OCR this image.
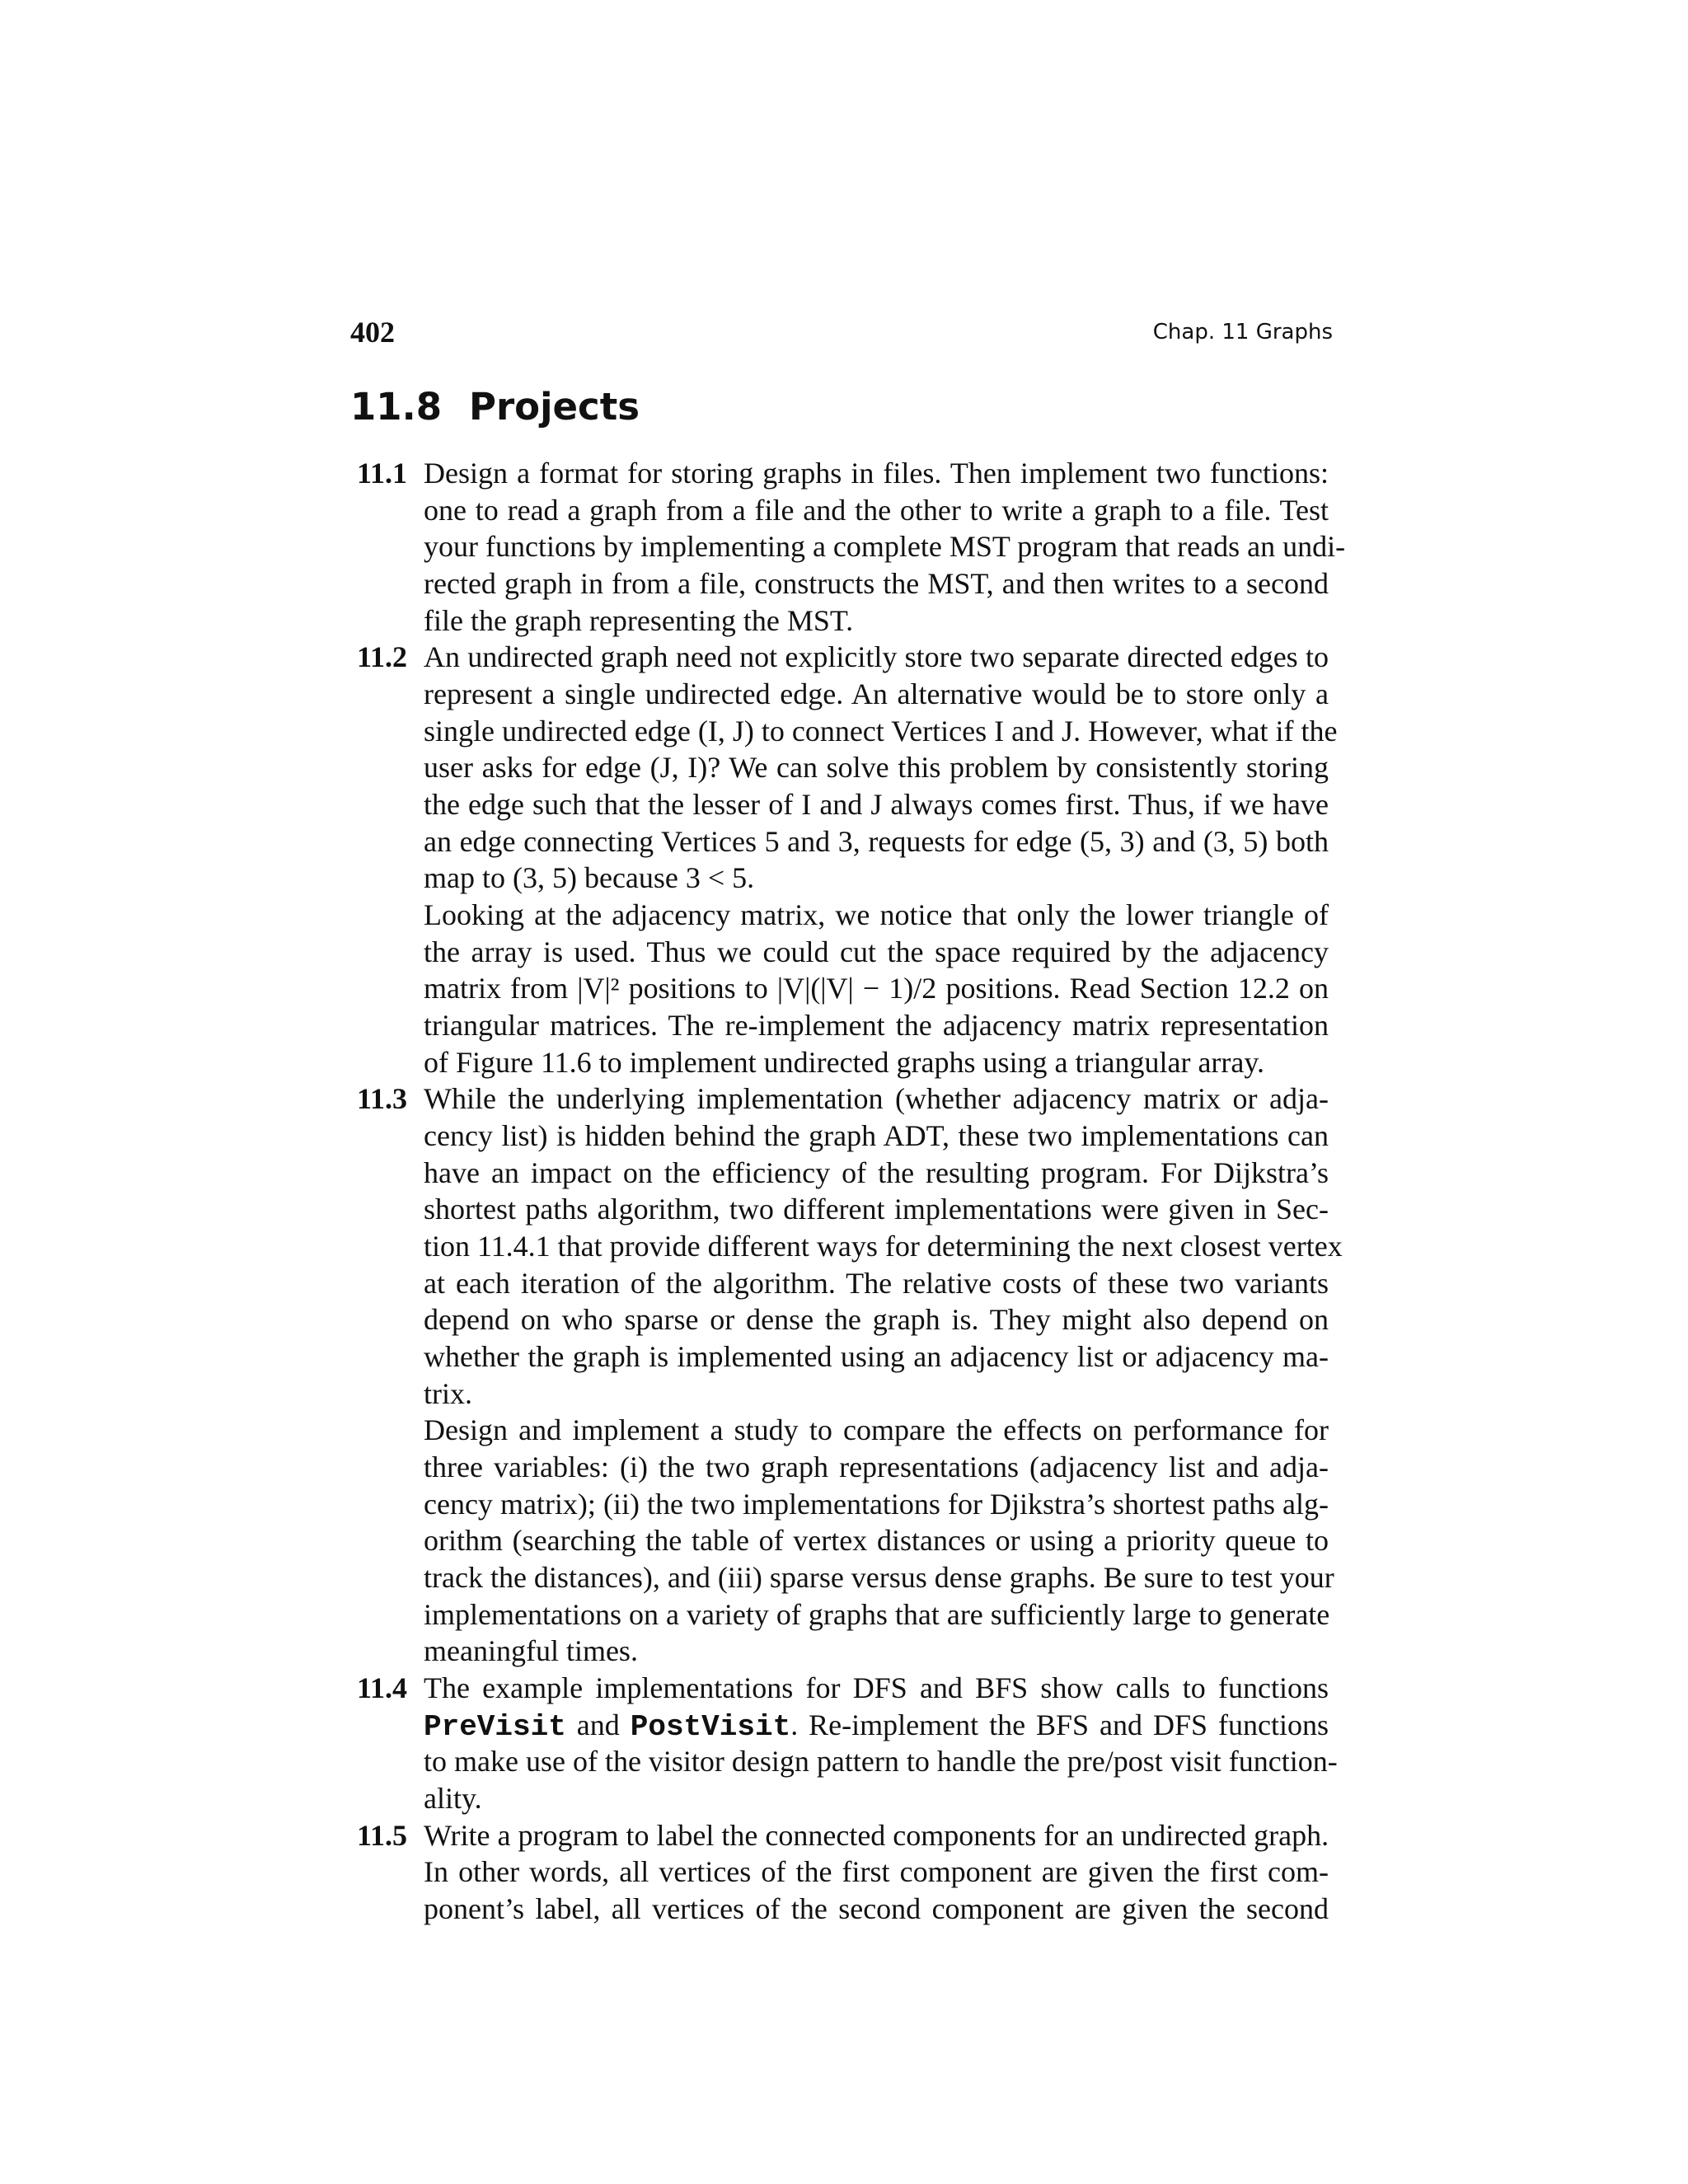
402	Chap. 11 Graphs
11.8 Projects
11.1 Design a format for storing graphs in files. Then implement two functions:
one to read a graph from a file and the other to write a graph to a file. Test
your functions by implementing a complete MST program that reads an undi-
rected graph in from a file, constructs the MST, and then writes to a second
file the graph representing the MST.
11.2 An undirected graph need not explicitly store two separate directed edges to
represent a single undirected edge. An alternative would be to store only a
single undirected edge (I, J) to connect Vertices I and J. However, what if the
user asks for edge (J, I)? We can solve this problem by consistently storing
the edge such that the lesser of I and J always comes first. Thus, if we have
an edge connecting Vertices 5 and 3, requests for edge (5, 3) and (3, 5) both
map to (3, 5) because 3 < 5.
Looking at the adjacency matrix, we notice that only the lower triangle of
the array is used. Thus we could cut the space required by the adjacency
matrix from |V|² positions to |V|(|V| − 1)/2 positions. Read Section 12.2 on
triangular matrices. The re-implement the adjacency matrix representation
of Figure 11.6 to implement undirected graphs using a triangular array.
11.3 While the underlying implementation (whether adjacency matrix or adja-
cency list) is hidden behind the graph ADT, these two implementations can
have an impact on the efficiency of the resulting program. For Dijkstra’s
shortest paths algorithm, two different implementations were given in Sec-
tion 11.4.1 that provide different ways for determining the next closest vertex
at each iteration of the algorithm. The relative costs of these two variants
depend on who sparse or dense the graph is. They might also depend on
whether the graph is implemented using an adjacency list or adjacency ma-
trix.
Design and implement a study to compare the effects on performance for
three variables: (i) the two graph representations (adjacency list and adja-
cency matrix); (ii) the two implementations for Djikstra’s shortest paths alg-
orithm (searching the table of vertex distances or using a priority queue to
track the distances), and (iii) sparse versus dense graphs. Be sure to test your
implementations on a variety of graphs that are sufficiently large to generate
meaningful times.
11.4 The example implementations for DFS and BFS show calls to functions
PreVisit and PostVisit. Re-implement the BFS and DFS functions
to make use of the visitor design pattern to handle the pre/post visit function-
ality.
11.5 Write a program to label the connected components for an undirected graph.
In other words, all vertices of the first component are given the first com-
ponent’s label, all vertices of the second component are given the second
